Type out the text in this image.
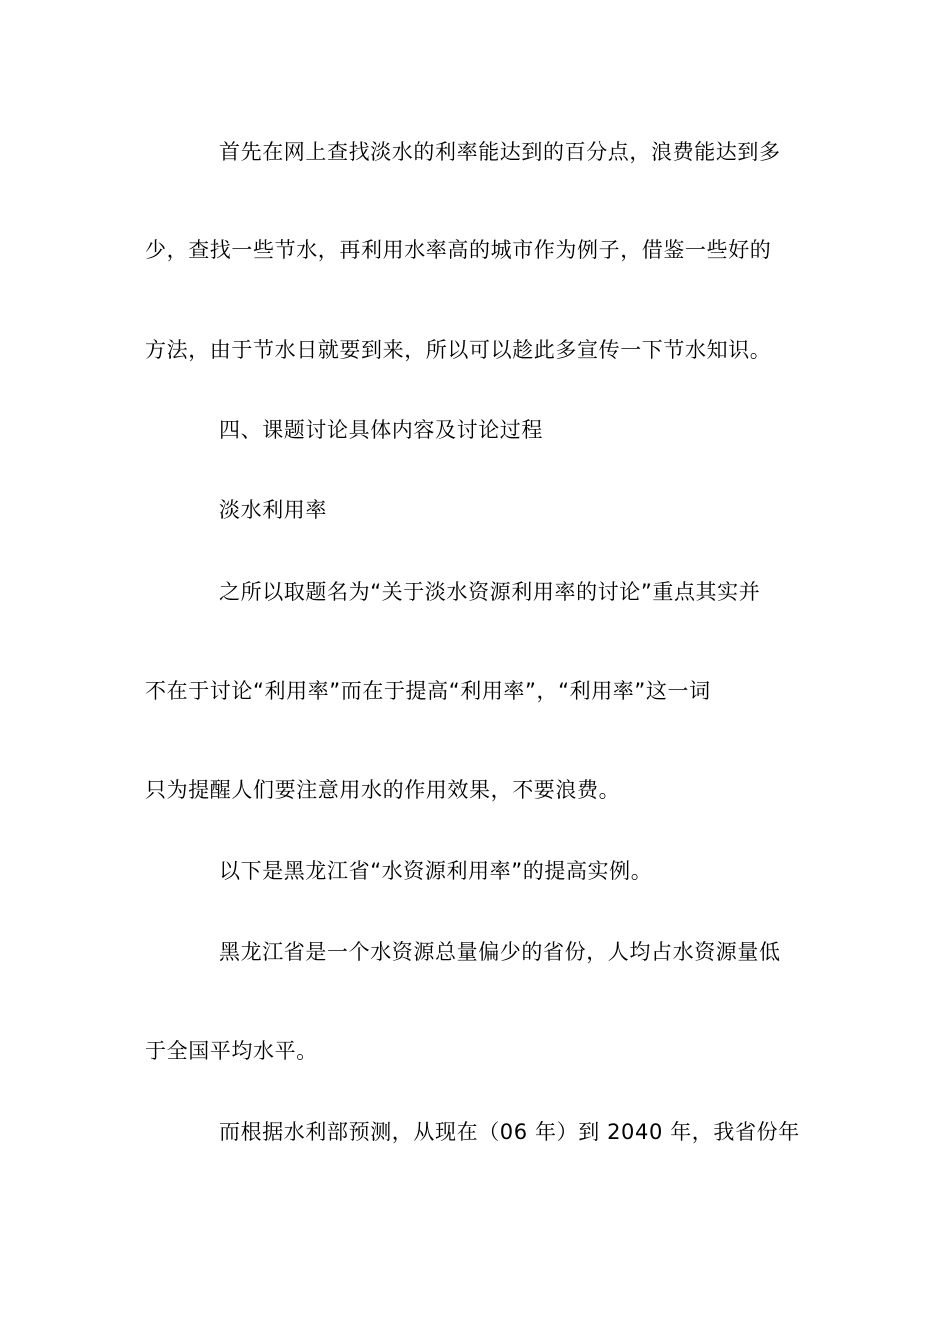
首先在网上查找淡水的利率能达到的百分点，浪费能达到多
少，查找一些节水，再利用水率高的城市作为例子，借鉴一些好的
方法，由于节水日就要到来，所以可以趁此多宣传一下节水知识。
四、课题讨论具体内容及讨论过程
淡水利用率
之所以取题名为“关于淡水资源利用率的讨论”重点其实并
不在于讨论“利用率”而在于提高“利用率”，“利用率”这一词
只为提醒人们要注意用水的作用效果，不要浪费。
以下是黑龙江省“水资源利用率”的提高实例。
黑龙江省是一个水资源总量偏少的省份，人均占水资源量低
于全国平均水平。
而根据水利部预测，从现在（06 年）到 2040 年，我省份年
